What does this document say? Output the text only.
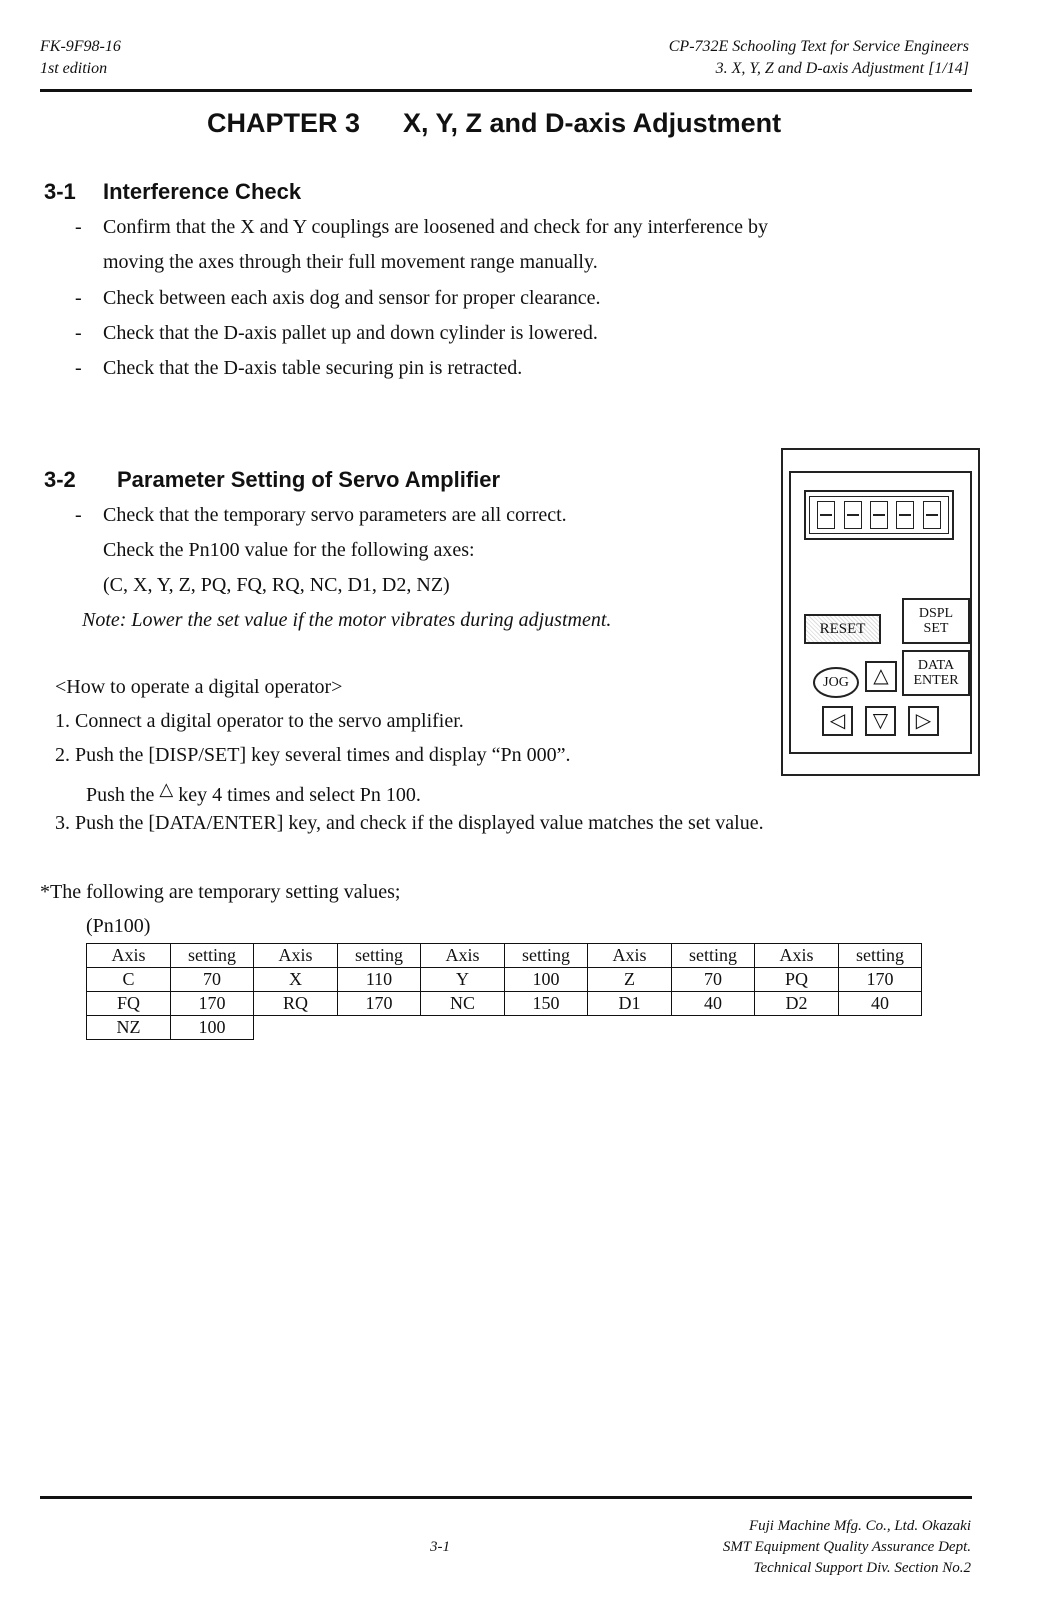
FK-9F98-16
1st edition
CP-732E Schooling Text for Service Engineers
3. X, Y, Z and D-axis Adjustment [1/14]
CHAPTER 3 X, Y, Z and D-axis Adjustment
3-1 Interference Check
- Confirm that the X and Y couplings are loosened and check for any interference by
moving the axes through their full movement range manually.
- Check between each axis dog and sensor for proper clearance.
- Check that the D-axis pallet up and down cylinder is lowered.
- Check that the D-axis table securing pin is retracted.
3-2 Parameter Setting of Servo Amplifier
- Check that the temporary servo parameters are all correct.
Check the Pn100 value for the following axes:
(C, X, Y, Z, PQ, FQ, RQ, NC, D1, D2, NZ)
Note: Lower the set value if the motor vibrates during adjustment.
<How to operate a digital operator>
1. Connect a digital operator to the servo amplifier.
2. Push the [DISP/SET] key several times and display “Pn 000”.
Push the △ key 4 times and select Pn 100.
3. Push the [DATA/ENTER] key, and check if the displayed value matches the set value.
*The following are temporary setting values;
(Pn100)
RESET
DSPL
SET
DATA
ENTER
JOG	△
◁	▽	▷
Axis	setting	Axis	setting	Axis	setting	Axis	setting	Axis	setting
C	70	X	110	Y	100	Z	70	PQ	170
FQ	170	RQ	170	NC	150	D1	40	D2	40
NZ	100								
3-1
Fuji Machine Mfg. Co., Ltd. Okazaki
SMT Equipment Quality Assurance Dept.
Technical Support Div. Section No.2
